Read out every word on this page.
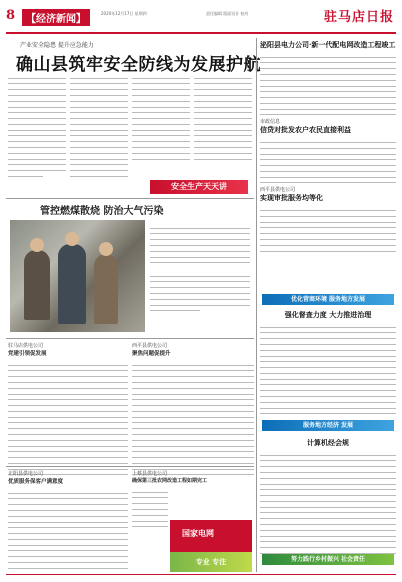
8	【经济新闻】
2020年12月17日 星期四	责任编辑 版面设计 校对	驻马店日报
产业安全隐患 提升应急能力
确山县筑牢安全防线为发展护航
安全生产天天讲
管控燃煤散烧 防治大气污染
驻马店供电公司
党建引领促发展
西平县供电公司
聚焦问题促提升
正阳县供电公司
优质服务保客户满意度
上蔡县供电公司
确保第三批农网改造工程如期完工
国家电网
专业 专注
泌阳县电力公司·新一代配电网改造工程竣工
市政信息
信贷对批发农户农民直接利益
西平县供电公司
实现审批服务均等化
优化营商环境 服务地方发展
强化督查力度 大力推进治理
服务地方经济 发展
计算机经会规
努力践行乡村振兴 社会责任
